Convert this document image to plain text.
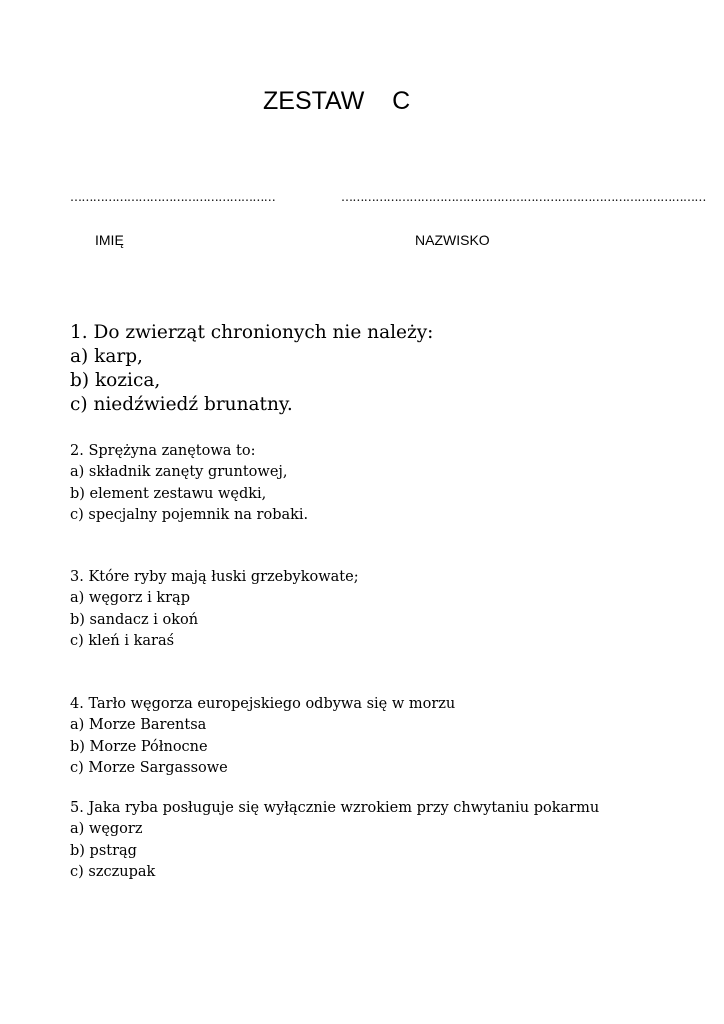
ZESTAW    C
………………………………………………	……………………………………………………………………………………
IMIĘ	NAZWISKO
1. Do zwierząt chronionych nie należy:
a) karp,
b) kozica,
c) niedźwiedź brunatny.
2. Sprężyna zanętowa to:
a) składnik zanęty gruntowej,
b) element zestawu wędki,
c) specjalny pojemnik na robaki.
3. Które ryby mają łuski grzebykowate;
a) węgorz i krąp
b) sandacz i okoń
c) kleń i karaś
4. Tarło węgorza europejskiego odbywa się w morzu
a) Morze Barentsa
b) Morze Północne
c) Morze Sargassowe
5. Jaka ryba posługuje się wyłącznie wzrokiem przy chwytaniu pokarmu
a) węgorz
b) pstrąg
c) szczupak
